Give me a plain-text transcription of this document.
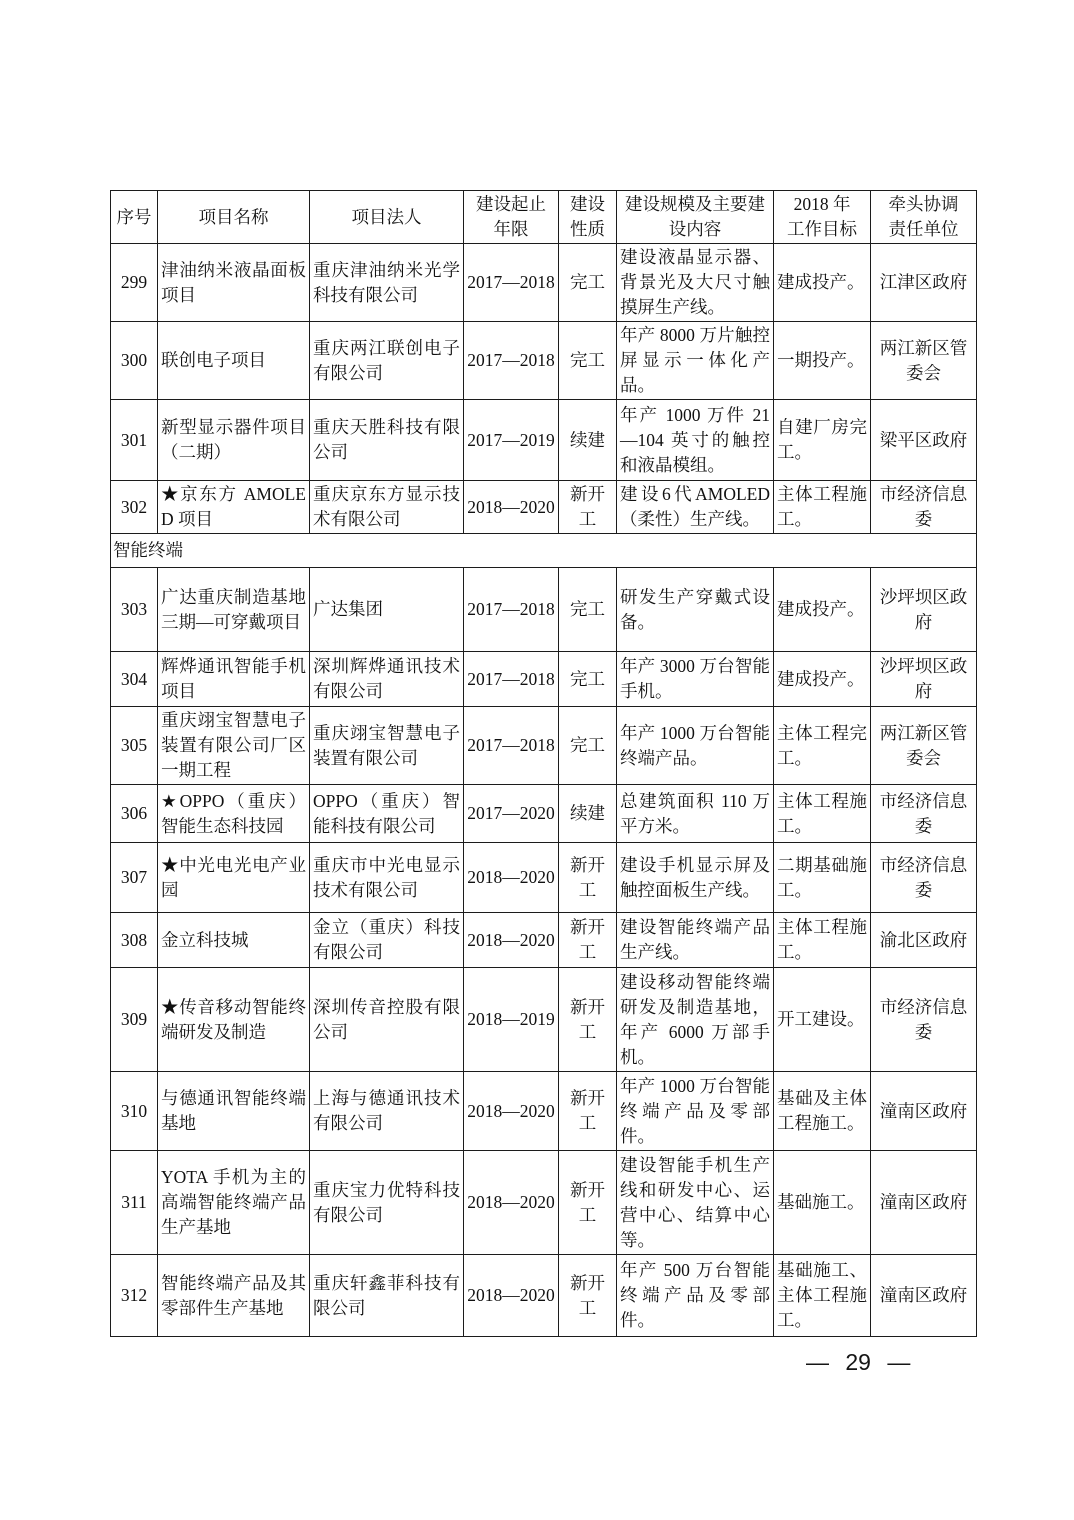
序号	项目名称	项目法人	建设起止年限	建设性质	建设规模及主要建设内容	2018 年工作目标	牵头协调责任单位
299	津油纳米液晶面板项目	重庆津油纳米光学科技有限公司	2017—2018	完工	建设液晶显示器、背景光及大尺寸触摸屏生产线。	建成投产。	江津区政府
300	联创电子项目	重庆两江联创电子有限公司	2017—2018	完工	年产 8000 万片触控屏显示一体化产品。	一期投产。	两江新区管委会
301	新型显示器件项目（二期）	重庆天胜科技有限公司	2017—2019	续建	年产 1000 万件 21—104 英寸的触控和液晶模组。	自建厂房完工。	梁平区政府
302	★京东方 AMOLED 项目	重庆京东方显示技术有限公司	2018—2020	新开工	建设6代AMOLED（柔性）生产线。	主体工程施工。	市经济信息委
智能终端							
303	广达重庆制造基地三期—可穿戴项目	广达集团	2017—2018	完工	研发生产穿戴式设备。	建成投产。	沙坪坝区政府
304	辉烨通讯智能手机项目	深圳辉烨通讯技术有限公司	2017—2018	完工	年产 3000 万台智能手机。	建成投产。	沙坪坝区政府
305	重庆翊宝智慧电子装置有限公司厂区一期工程	重庆翊宝智慧电子装置有限公司	2017—2018	完工	年产 1000 万台智能终端产品。	主体工程完工。	两江新区管委会
306	★OPPO（重庆）智能生态科技园	OPPO（重庆）智能科技有限公司	2017—2020	续建	总建筑面积 110 万平方米。	主体工程施工。	市经济信息委
307	★中光电光电产业园	重庆市中光电显示技术有限公司	2018—2020	新开工	建设手机显示屏及触控面板生产线。	二期基础施工。	市经济信息委
308	金立科技城	金立（重庆）科技有限公司	2018—2020	新开工	建设智能终端产品生产线。	主体工程施工。	渝北区政府
309	★传音移动智能终端研发及制造	深圳传音控股有限公司	2018—2019	新开工	建设移动智能终端研发及制造基地，年产 6000 万部手机。	开工建设。	市经济信息委
310	与德通讯智能终端基地	上海与德通讯技术有限公司	2018—2020	新开工	年产 1000 万台智能终端产品及零部件。	基础及主体工程施工。	潼南区政府
311	YOTA 手机为主的高端智能终端产品生产基地	重庆宝力优特科技有限公司	2018—2020	新开工	建设智能手机生产线和研发中心、运营中心、结算中心等。	基础施工。	潼南区政府
312	智能终端产品及其零部件生产基地	重庆轩鑫菲科技有限公司	2018—2020	新开工	年产 500 万台智能终端产品及零部件。	基础施工、主体工程施工。	潼南区政府
— 29 —
